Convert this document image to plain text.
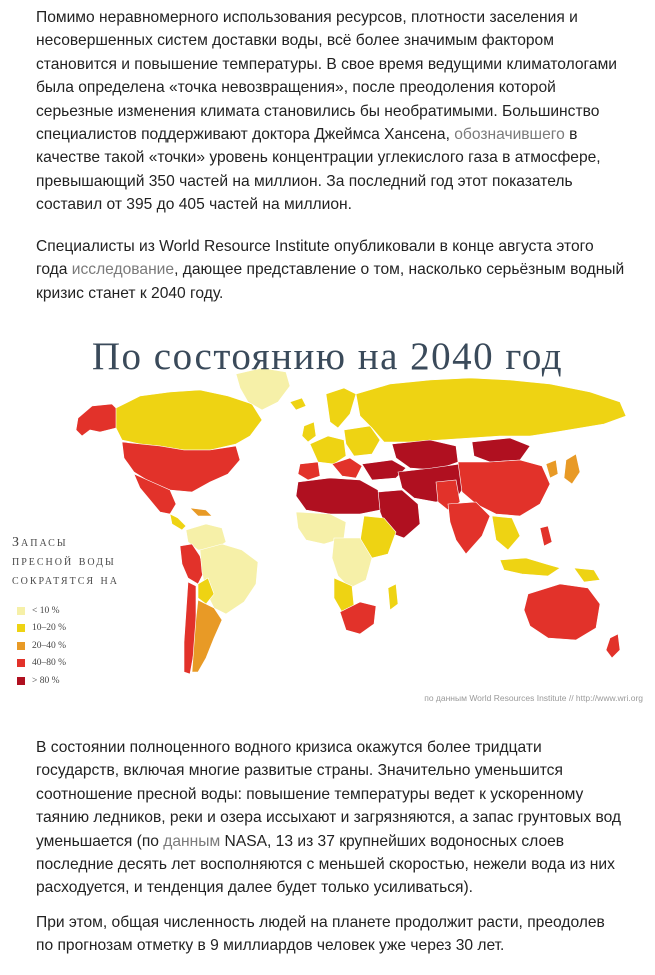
Помимо неравномерного использования ресурсов, плотности заселения и несовершенных систем доставки воды, всё более значимым фактором становится и повышение температуры. В свое время ведущими климатологами была определена «точка невозвращения», после преодоления которой серьезные изменения климата становились бы необратимыми. Большинство специалистов поддерживают доктора Джеймса Хансена, обозначившего в качестве такой «точки» уровень концентрации углекислого газа в атмосфере, превышающий 350 частей на миллион. За последний год этот показатель составил от 395 до 405 частей на миллион.

Специалисты из World Resource Institute опубликовали в конце августа этого года исследование, дающее представление о том, насколько серьёзным водный кризис станет к 2040 году.

По состоянию на 2040 год
Запасы
пресной воды
сократятся на
< 10 %
10–20 %
20–40 %
40–80 %
> 80 %
по данным World Resources Institute // http://www.wri.org

В состоянии полноценного водного кризиса окажутся более тридцати государств, включая многие развитые страны. Значительно уменьшится соотношение пресной воды: повышение температуры ведет к ускоренному таянию ледников, реки и озера иссыхают и загрязняются, а запас грунтовых вод уменьшается (по данным NASA, 13 из 37 крупнейших водоносных слоев последние десять лет восполняются с меньшей скоростью, нежели вода из них расходуется, и тенденция далее будет только усиливаться).

При этом, общая численность людей на планете продолжит расти, преодолев по прогнозам отметку в 9 миллиардов человек уже через 30 лет.
